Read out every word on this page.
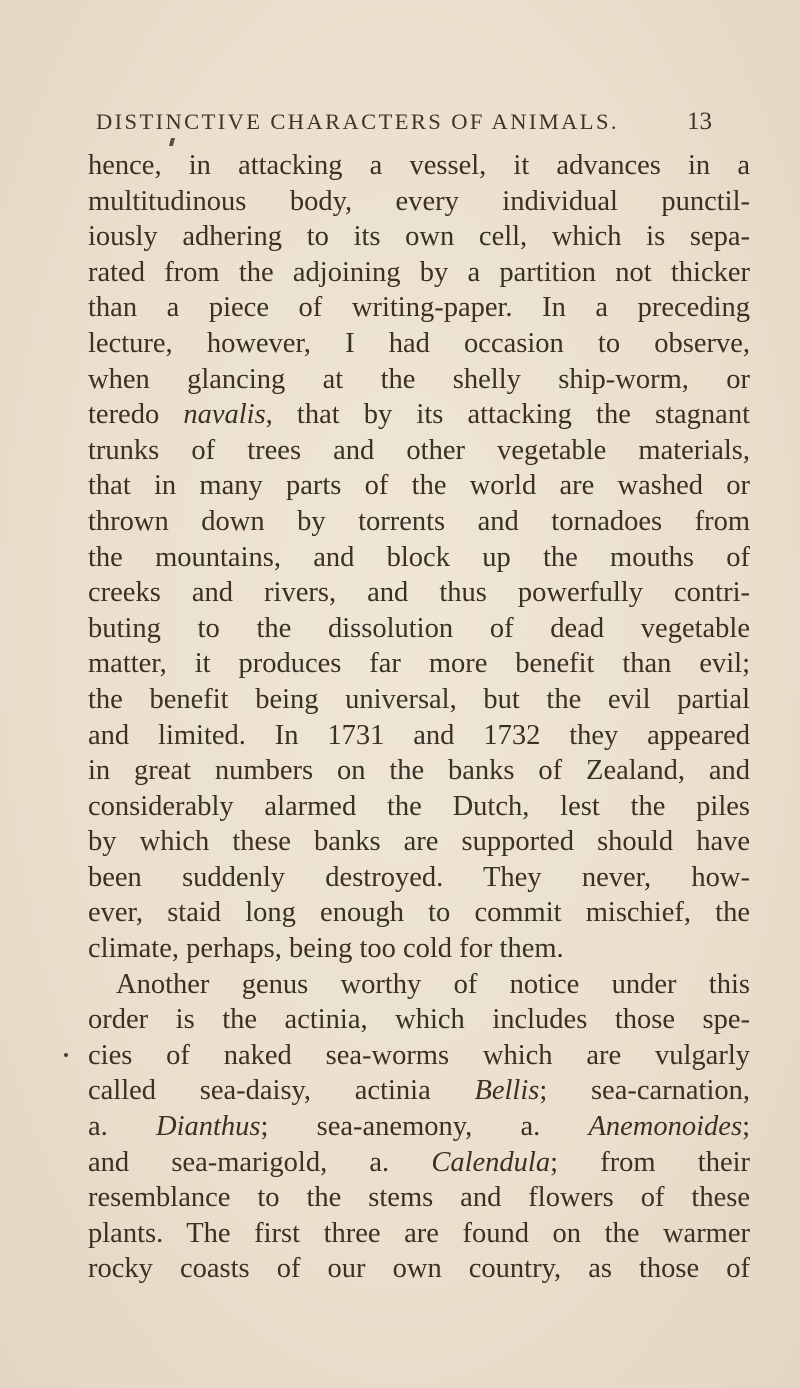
DISTINCTIVE CHARACTERS OF ANIMALS.	13
hence, in attacking a vessel, it advances in a
multitudinous body, every individual punctil-
iously adhering to its own cell, which is sepa-
rated from the adjoining by a partition not thicker
than a piece of writing-paper. In a preceding
lecture, however, I had occasion to observe,
when glancing at the shelly ship-worm, or
teredo navalis, that by its attacking the stagnant
trunks of trees and other vegetable materials,
that in many parts of the world are washed or
thrown down by torrents and tornadoes from
the mountains, and block up the mouths of
creeks and rivers, and thus powerfully contri-
buting to the dissolution of dead vegetable
matter, it produces far more benefit than evil;
the benefit being universal, but the evil partial
and limited. In 1731 and 1732 they appeared
in great numbers on the banks of Zealand, and
considerably alarmed the Dutch, lest the piles
by which these banks are supported should have
been suddenly destroyed. They never, how-
ever, staid long enough to commit mischief, the
climate, perhaps, being too cold for them.
Another genus worthy of notice under this
order is the actinia, which includes those spe-
cies of naked sea-worms which are vulgarly
called sea-daisy, actinia Bellis; sea-carnation,
a. Dianthus; sea-anemony, a. Anemonoides;
and sea-marigold, a. Calendula; from their
resemblance to the stems and flowers of these
plants. The first three are found on the warmer
rocky coasts of our own country, as those of
